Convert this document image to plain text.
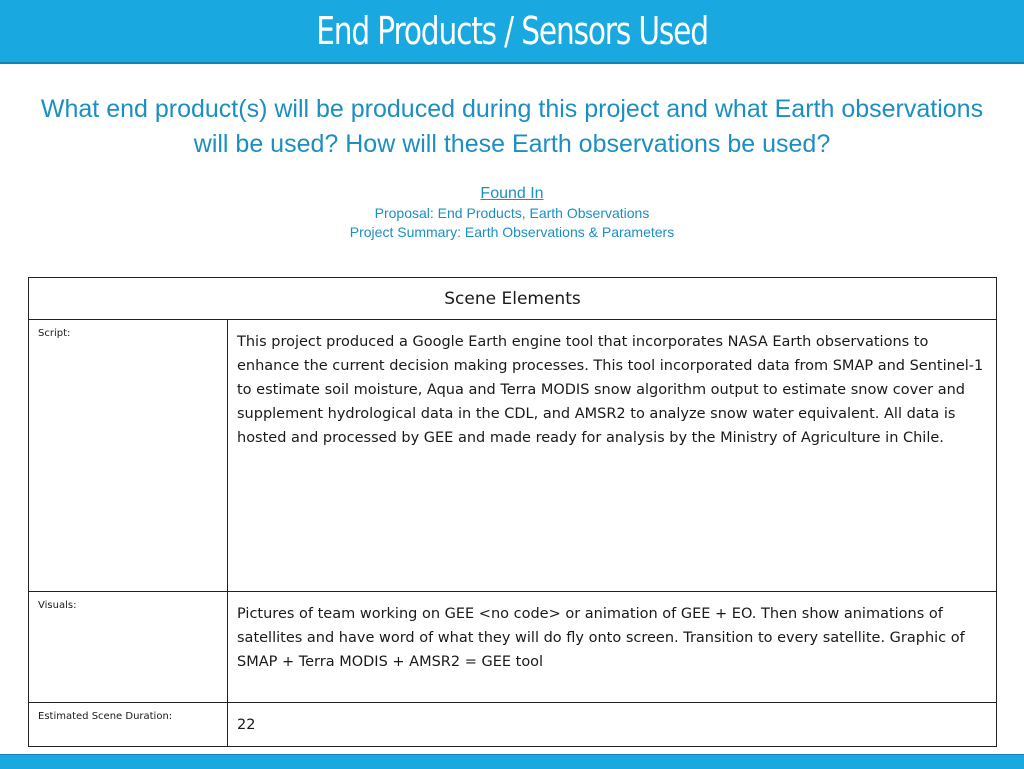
End Products / Sensors Used
What end product(s) will be produced during this project and what Earth observations will be used? How will these Earth observations be used?
Found In
Proposal: End Products, Earth Observations
Project Summary: Earth Observations & Parameters
Scene Elements	
Script:	This project produced a Google Earth engine tool that incorporates NASA Earth observations to enhance the current decision making processes. This tool incorporated data from SMAP and Sentinel-1 to estimate soil moisture, Aqua and Terra MODIS snow algorithm output to estimate snow cover and supplement hydrological data in the CDL, and AMSR2 to analyze snow water equivalent. All data is hosted and processed by GEE and made ready for analysis by the Ministry of Agriculture in Chile.
Visuals:	Pictures of team working on GEE <no code> or animation of GEE + EO. Then show animations of satellites and have word of what they will do fly onto screen. Transition to every satellite. Graphic of SMAP + Terra MODIS + AMSR2 = GEE tool
Estimated Scene Duration:	22
